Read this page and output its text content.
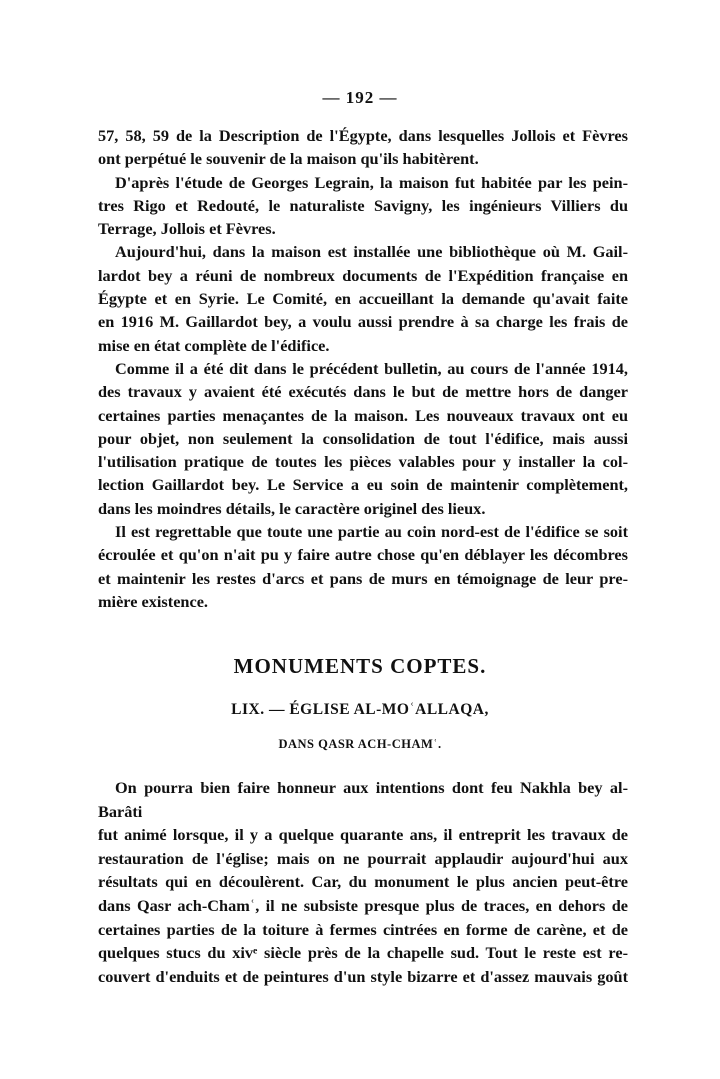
— 192 —

57, 58, 59 de la Description de l'Égypte, dans lesquelles Jollois et Fèvres
ont perpétué le souvenir de la maison qu'ils habitèrent.

D'après l'étude de Georges Legrain, la maison fut habitée par les pein-
tres Rigo et Redouté, le naturaliste Savigny, les ingénieurs Villiers du
Terrage, Jollois et Fèvres.

Aujourd'hui, dans la maison est installée une bibliothèque où M. Gail-
lardot bey a réuni de nombreux documents de l'Expédition française en
Égypte et en Syrie. Le Comité, en accueillant la demande qu'avait faite
en 1916 M. Gaillardot bey, a voulu aussi prendre à sa charge les frais de
mise en état complète de l'édifice.

Comme il a été dit dans le précédent bulletin, au cours de l'année 1914,
des travaux y avaient été exécutés dans le but de mettre hors de danger
certaines parties menaçantes de la maison. Les nouveaux travaux ont eu
pour objet, non seulement la consolidation de tout l'édifice, mais aussi
l'utilisation pratique de toutes les pièces valables pour y installer la col-
lection Gaillardot bey. Le Service a eu soin de maintenir complètement,
dans les moindres détails, le caractère originel des lieux.

Il est regrettable que toute une partie au coin nord-est de l'édifice se soit
écroulée et qu'on n'ait pu y faire autre chose qu'en déblayer les décombres
et maintenir les restes d'arcs et pans de murs en témoignage de leur pre-
mière existence.

MONUMENTS COPTES.
LIX. — ÉGLISE AL-MOʿALLAQA,
DANS QASR ACH-CHAMʿ.

On pourra bien faire honneur aux intentions dont feu Nakhla bey al-Barâti
fut animé lorsque, il y a quelque quarante ans, il entreprit les travaux de
restauration de l'église; mais on ne pourrait applaudir aujourd'hui aux
résultats qui en découlèrent. Car, du monument le plus ancien peut-être
dans Qasr ach-Chamʿ, il ne subsiste presque plus de traces, en dehors de
certaines parties de la toiture à fermes cintrées en forme de carène, et de
quelques stucs du xivᵉ siècle près de la chapelle sud. Tout le reste est re-
couvert d'enduits et de peintures d'un style bizarre et d'assez mauvais goût
